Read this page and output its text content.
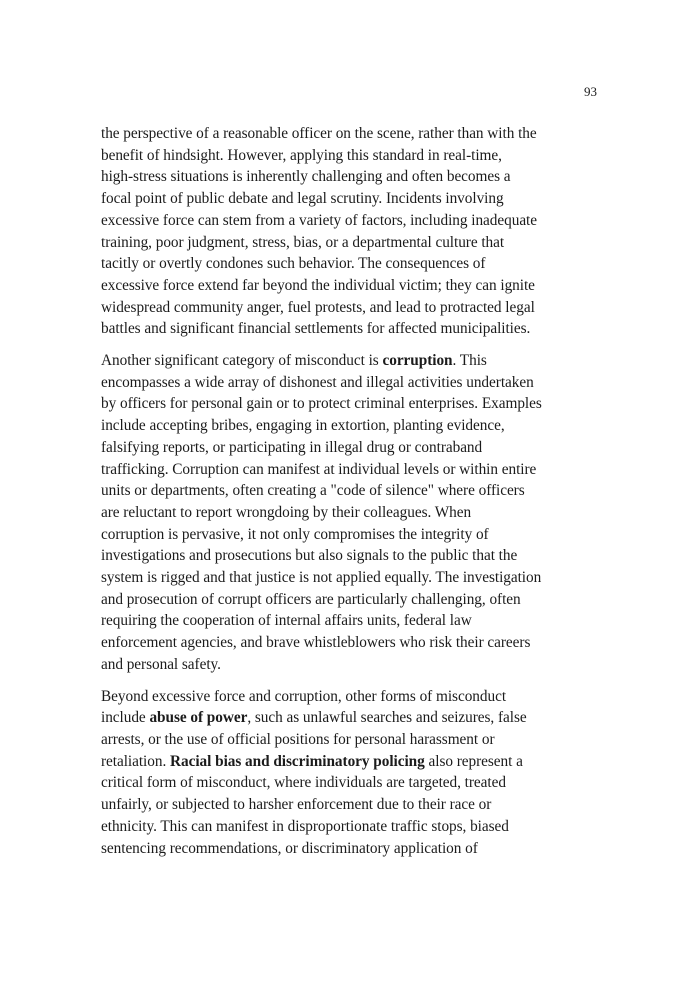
93

the perspective of a reasonable officer on the scene, rather than with the
benefit of hindsight. However, applying this standard in real-time,
high-stress situations is inherently challenging and often becomes a
focal point of public debate and legal scrutiny. Incidents involving
excessive force can stem from a variety of factors, including inadequate
training, poor judgment, stress, bias, or a departmental culture that
tacitly or overtly condones such behavior. The consequences of
excessive force extend far beyond the individual victim; they can ignite
widespread community anger, fuel protests, and lead to protracted legal
battles and significant financial settlements for affected municipalities.

Another significant category of misconduct is corruption. This
encompasses a wide array of dishonest and illegal activities undertaken
by officers for personal gain or to protect criminal enterprises. Examples
include accepting bribes, engaging in extortion, planting evidence,
falsifying reports, or participating in illegal drug or contraband
trafficking. Corruption can manifest at individual levels or within entire
units or departments, often creating a "code of silence" where officers
are reluctant to report wrongdoing by their colleagues. When
corruption is pervasive, it not only compromises the integrity of
investigations and prosecutions but also signals to the public that the
system is rigged and that justice is not applied equally. The investigation
and prosecution of corrupt officers are particularly challenging, often
requiring the cooperation of internal affairs units, federal law
enforcement agencies, and brave whistleblowers who risk their careers
and personal safety.

Beyond excessive force and corruption, other forms of misconduct
include abuse of power, such as unlawful searches and seizures, false
arrests, or the use of official positions for personal harassment or
retaliation. Racial bias and discriminatory policing also represent a
critical form of misconduct, where individuals are targeted, treated
unfairly, or subjected to harsher enforcement due to their race or
ethnicity. This can manifest in disproportionate traffic stops, biased
sentencing recommendations, or discriminatory application of
